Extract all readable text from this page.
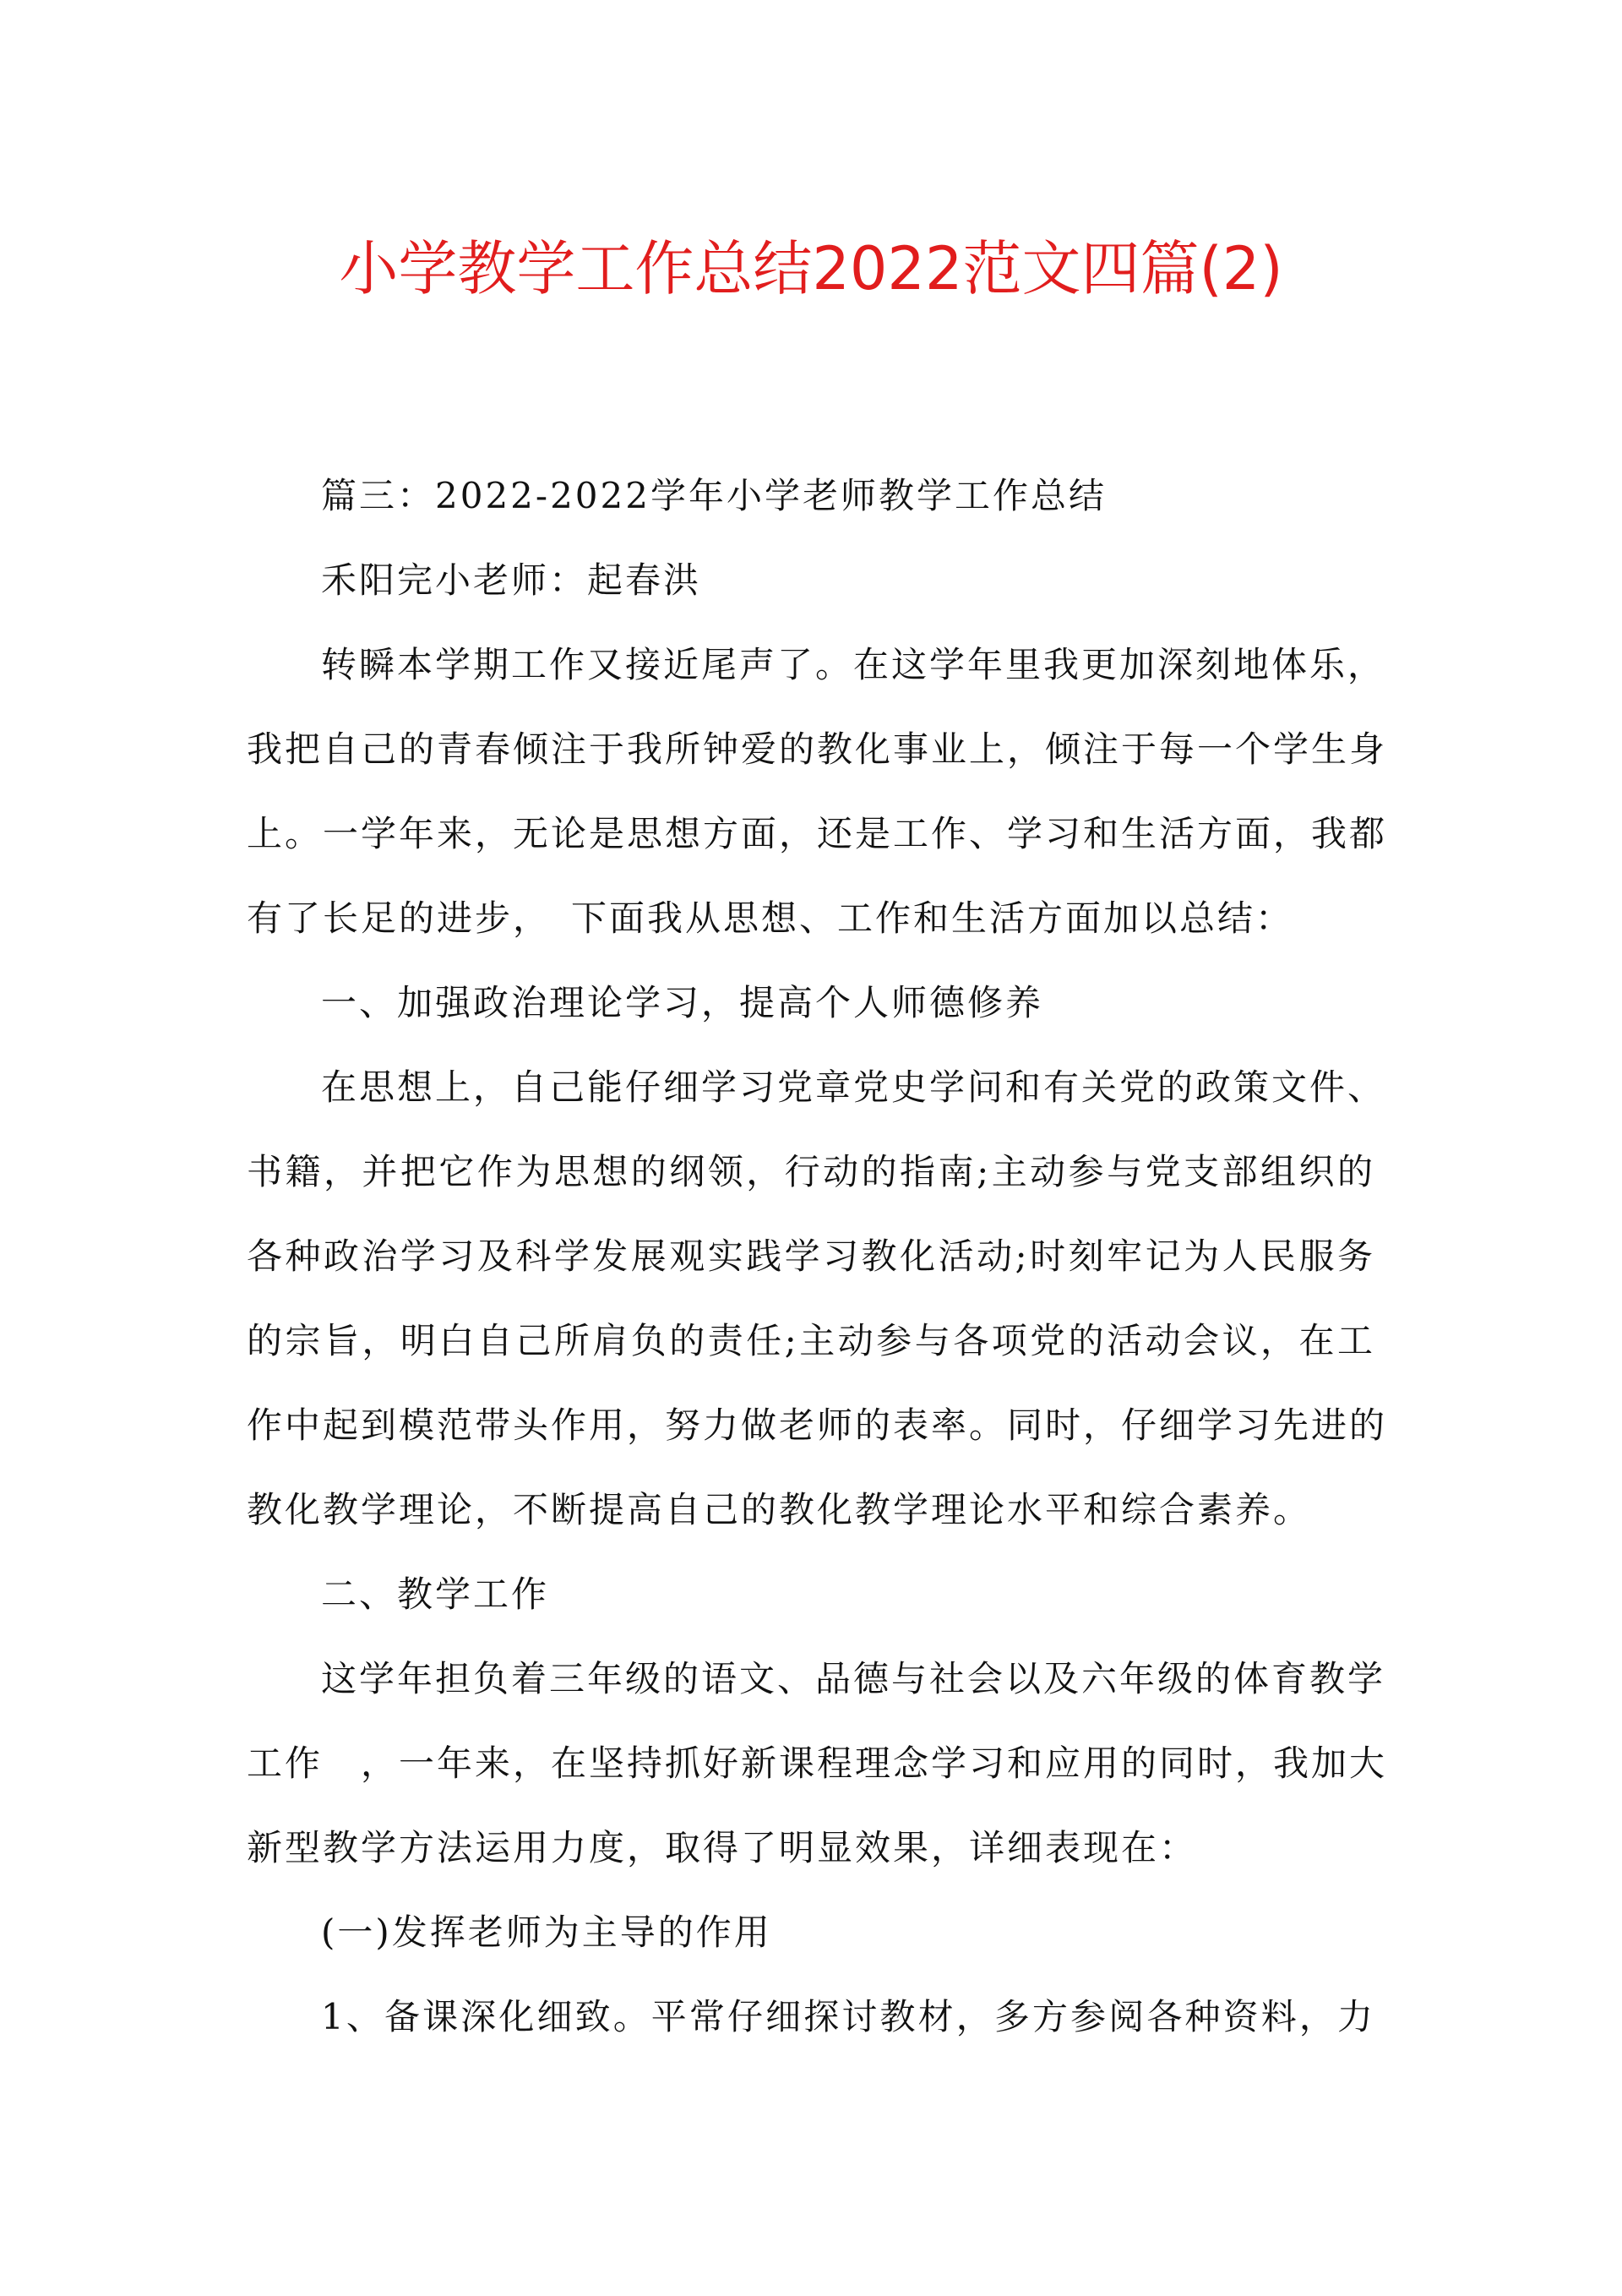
小学教学工作总结2022范文四篇(2)
篇三：2022-2022学年小学老师教学工作总结
禾阳完小老师：起春洪
转瞬本学期工作又接近尾声了。在这学年里我更加深刻地体乐，
我把自己的青春倾注于我所钟爱的教化事业上，倾注于每一个学生身
上。一学年来，无论是思想方面，还是工作、学习和生活方面，我都
有了长足的进步，　下面我从思想、工作和生活方面加以总结：
一、加强政治理论学习，提高个人师德修养
在思想上，自己能仔细学习党章党史学问和有关党的政策文件、
书籍，并把它作为思想的纲领，行动的指南;主动参与党支部组织的
各种政治学习及科学发展观实践学习教化活动;时刻牢记为人民服务
的宗旨，明白自己所肩负的责任;主动参与各项党的活动会议，在工
作中起到模范带头作用，努力做老师的表率。同时，仔细学习先进的
教化教学理论，不断提高自己的教化教学理论水平和综合素养。
二、教学工作
这学年担负着三年级的语文、品德与社会以及六年级的体育教学
工作　，一年来，在坚持抓好新课程理念学习和应用的同时，我加大
新型教学方法运用力度，取得了明显效果，详细表现在：
(一)发挥老师为主导的作用
1、备课深化细致。平常仔细探讨教材，多方参阅各种资料，力
